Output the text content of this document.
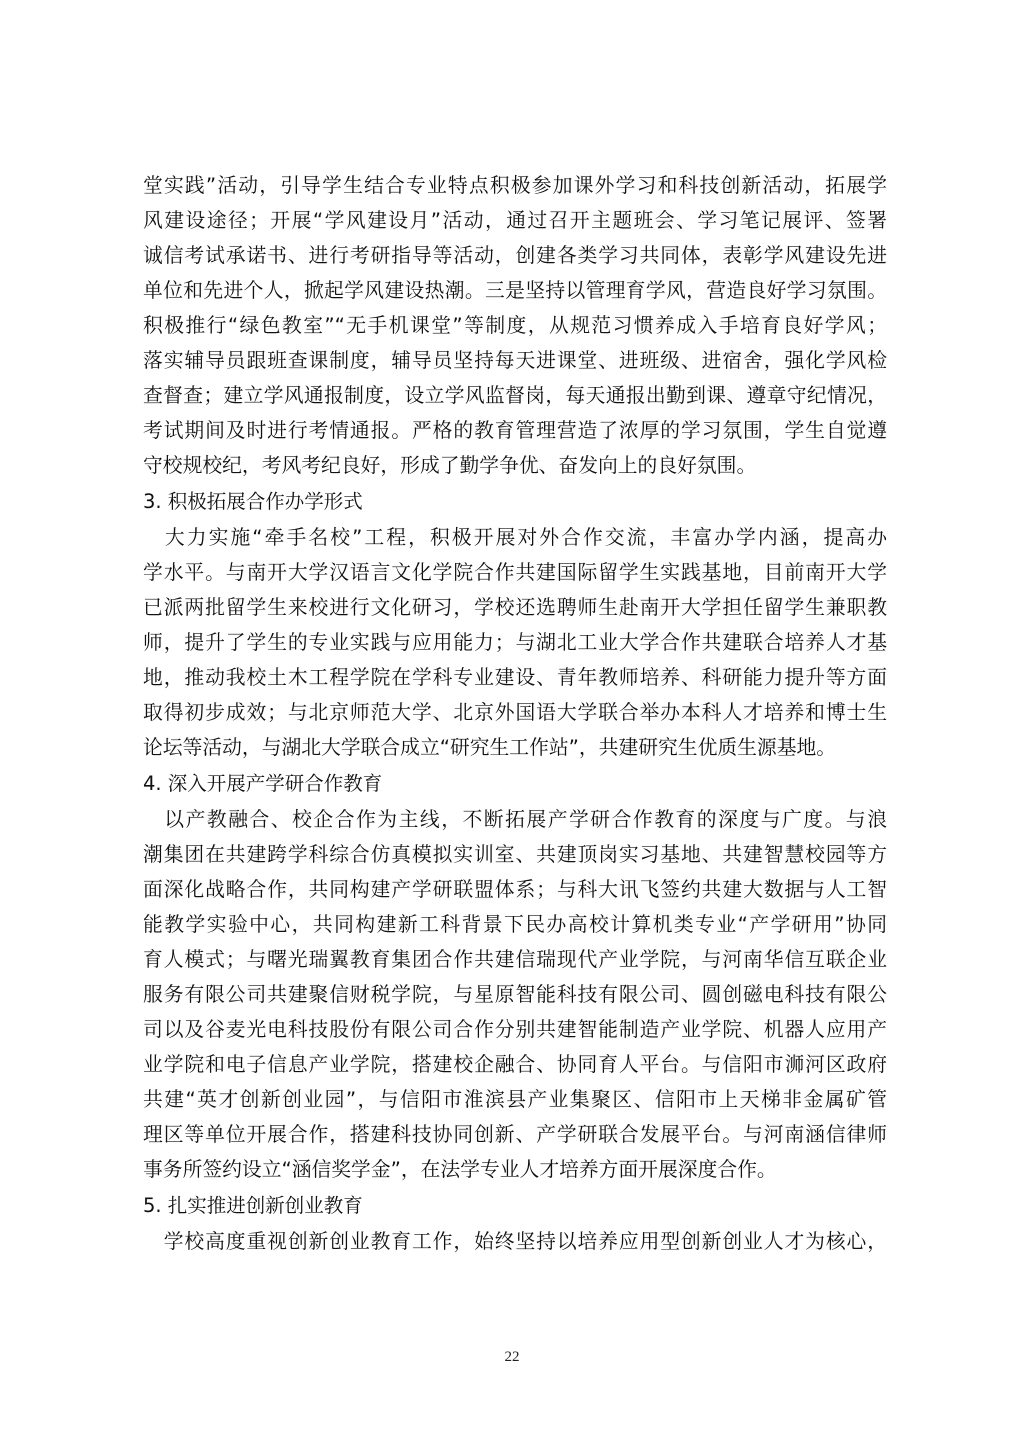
堂实践”活动，引导学生结合专业特点积极参加课外学习和科技创新活动，拓展学
风建设途径；开展“学风建设月”活动，通过召开主题班会、学习笔记展评、签署
诚信考试承诺书、进行考研指导等活动，创建各类学习共同体，表彰学风建设先进
单位和先进个人，掀起学风建设热潮。三是坚持以管理育学风，营造良好学习氛围。
积极推行“绿色教室”“无手机课堂”等制度，从规范习惯养成入手培育良好学风；
落实辅导员跟班查课制度，辅导员坚持每天进课堂、进班级、进宿舍，强化学风检
查督查；建立学风通报制度，设立学风监督岗，每天通报出勤到课、遵章守纪情况，
考试期间及时进行考情通报。严格的教育管理营造了浓厚的学习氛围，学生自觉遵
守校规校纪，考风考纪良好，形成了勤学争优、奋发向上的良好氛围。
3. 积极拓展合作办学形式
　大力实施“牵手名校”工程，积极开展对外合作交流，丰富办学内涵，提高办
学水平。与南开大学汉语言文化学院合作共建国际留学生实践基地，目前南开大学
已派两批留学生来校进行文化研习，学校还选聘师生赴南开大学担任留学生兼职教
师，提升了学生的专业实践与应用能力；与湖北工业大学合作共建联合培养人才基
地，推动我校土木工程学院在学科专业建设、青年教师培养、科研能力提升等方面
取得初步成效；与北京师范大学、北京外国语大学联合举办本科人才培养和博士生
论坛等活动，与湖北大学联合成立“研究生工作站”，共建研究生优质生源基地。
4. 深入开展产学研合作教育
　以产教融合、校企合作为主线，不断拓展产学研合作教育的深度与广度。与浪
潮集团在共建跨学科综合仿真模拟实训室、共建顶岗实习基地、共建智慧校园等方
面深化战略合作，共同构建产学研联盟体系；与科大讯飞签约共建大数据与人工智
能教学实验中心，共同构建新工科背景下民办高校计算机类专业“产学研用”协同
育人模式；与曙光瑞翼教育集团合作共建信瑞现代产业学院，与河南华信互联企业
服务有限公司共建聚信财税学院，与星原智能科技有限公司、圆创磁电科技有限公
司以及谷麦光电科技股份有限公司合作分别共建智能制造产业学院、机器人应用产
业学院和电子信息产业学院，搭建校企融合、协同育人平台。与信阳市浉河区政府
共建“英才创新创业园”，与信阳市淮滨县产业集聚区、信阳市上天梯非金属矿管
理区等单位开展合作，搭建科技协同创新、产学研联合发展平台。与河南涵信律师
事务所签约设立“涵信奖学金”，在法学专业人才培养方面开展深度合作。
5. 扎实推进创新创业教育
　学校高度重视创新创业教育工作，始终坚持以培养应用型创新创业人才为核心，
22
